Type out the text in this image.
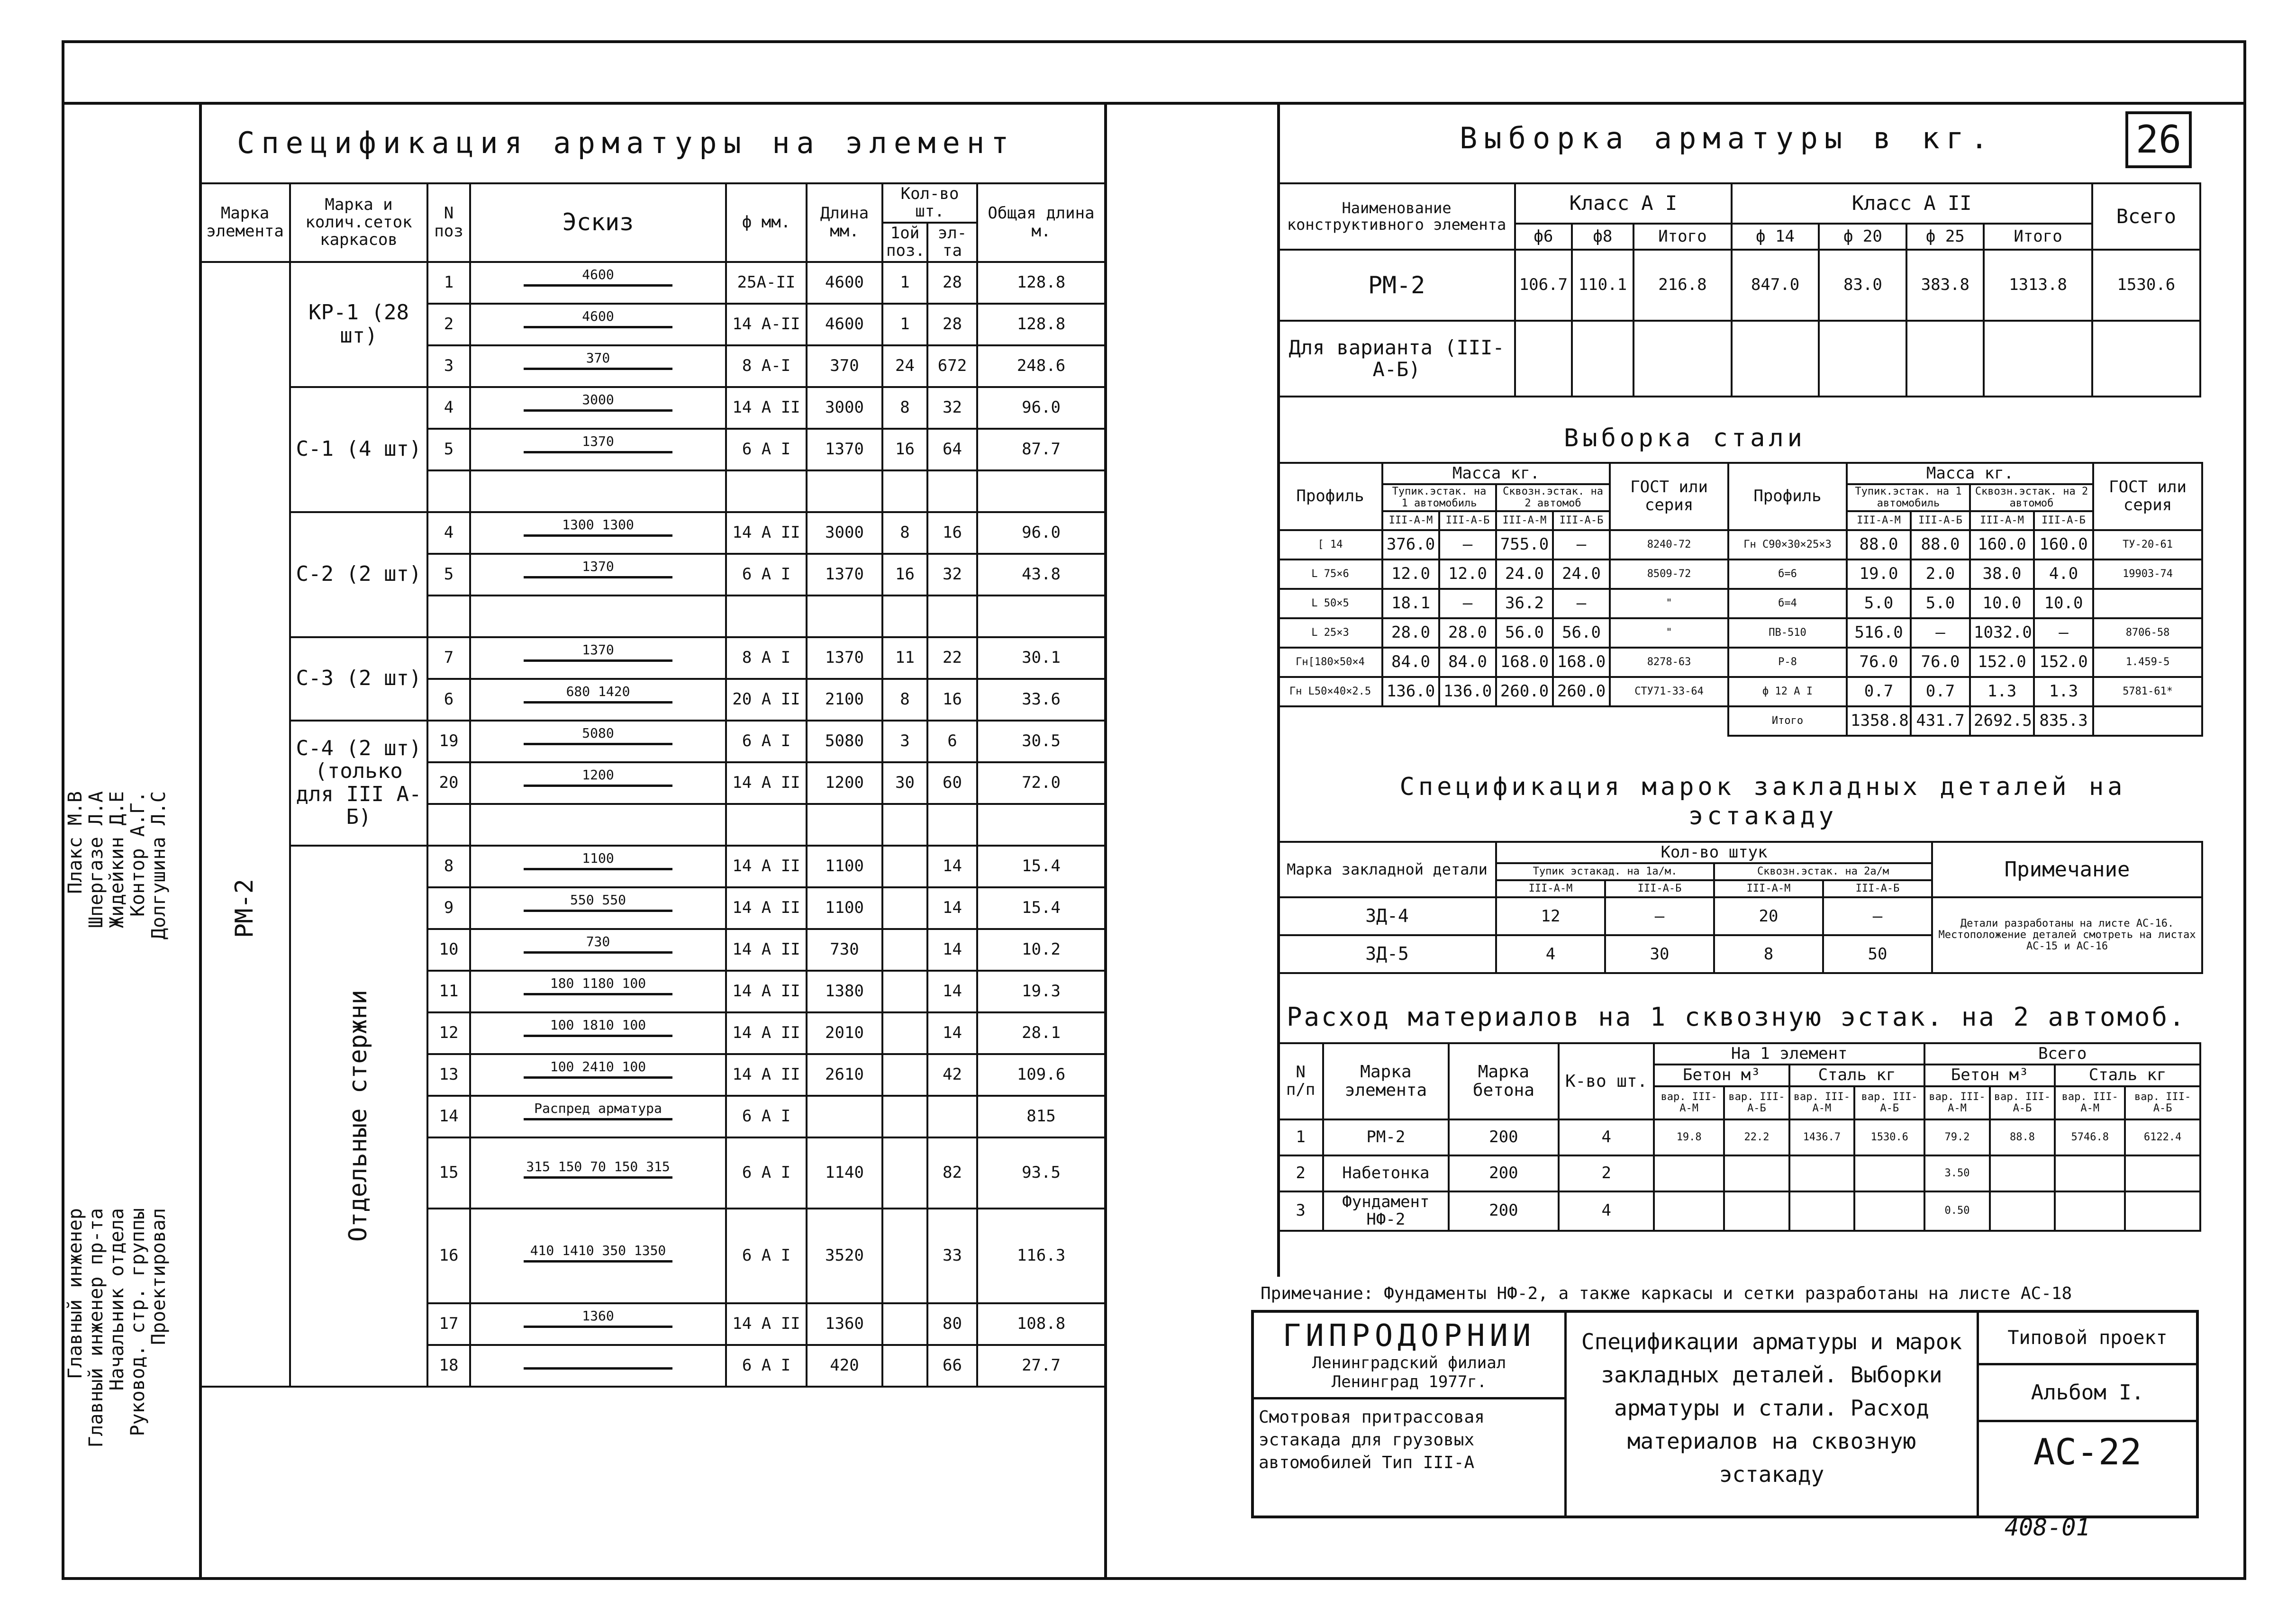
26
Главный инженер
Главный инженер пр-та
Начальник отдела
Руковод. стр. группы
Проектировал
Плакс М.В
Шпергазе Л.А
Жидейкин Д.Е
Контор А.Г.
Долгушина Л.С
Спецификация арматуры на элемент
Марка элемента	Марка и колич.сеток каркасов	N поз	Эскиз	ф мм.	Длина мм.	Кол-во шт.		Общая длина м.
						1ой поз.	эл-та	

РМ-2	КР-1 (28 шт)	1	4600	25А-II	4600	1	28	128.8
		2	4600	14 А-II	4600	1	28	128.8
		3	370	8 А-I	370	24	672	248.6

	С-1 (4 шт)	4	3000	14 А II	3000	8	32	96.0
		5	1370	6 А I	1370	16	64	87.7

	С-2 (2 шт)	4	1300 1300	14 А II	3000	8	16	96.0
		5	1370	6 А I	1370	16	32	43.8

	С-3 (2 шт)	7	1370	8 А I	1370	11	22	30.1
		6	680 1420	20 А II	2100	8	16	33.6

	С-4 (2 шт) (только для III А-Б)	19	5080	6 А I	5080	3	6	30.5
		20	1200	14 А II	1200	30	60	72.0

	Отдельные стержни	8	1100	14 А II	1100		14	15.4
		9	550 550	14 А II	1100		14	15.4
		10	730	14 А II	730		14	10.2
		11	180 1180 100	14 А II	1380		14	19.3
		12	100 1810 100	14 А II	2010		14	28.1
		13	100 2410 100	14 А II	2610		42	109.6
		14	Распред арматура	6 А I				815
		15	315 150 70 150 315	6 А I	1140		82	93.5
		16	410 1410 350 1350	6 А I	3520		33	116.3
		17	1360	14 А II	1360		80	108.8
		18		6 А I	420		66	27.7
Выборка арматуры в кг.
Наименование конструктивного элемента	Класс А I			Класс А II				Всего
	ф6	ф8	Итого	ф 14	ф 20	ф 25	Итого	
РМ-2	106.7	110.1	216.8	847.0	83.0	383.8	1313.8	1530.6
Для варианта (III-А-Б)								
Выборка стали
Профиль	Масса кг.				ГОСТ или серия
	Тупик.эстак. на 1 автомобиль		Сквозн.эстак. на 2 автомоб		
	III-А-М	III-А-Б	III-А-М	III-А-Б	
[ 14	376.0	—	755.0	—	8240-72
L 75×6	12.0	12.0	24.0	24.0	8509-72
L 50×5	18.1	—	36.2	—	"
L 25×3	28.0	28.0	56.0	56.0	"
Гн[180×50×4	84.0	84.0	168.0	168.0	8278-63
Гн L50×40×2.5	136.0	136.0	260.0	260.0	СТУ71-33-64
Профиль	Масса кг.				ГОСТ или серия
	Тупик.эстак. на 1 автомобиль		Сквозн.эстак. на 2 автомоб		
	III-А-М	III-А-Б	III-А-М	III-А-Б	
Гн С90×30×25×3	88.0	88.0	160.0	160.0	ТУ-20-61
б=6	19.0	2.0	38.0	4.0	19903-74
б=4	5.0	5.0	10.0	10.0	
ПВ-510	516.0	—	1032.0	—	8706-58
Р-8	76.0	76.0	152.0	152.0	1.459-5
ф 12 А I	0.7	0.7	1.3	1.3	5781-61*
Итого	1358.8	431.7	2692.5	835.3	
Спецификация марок закладных деталей на эстакаду
Марка закладной детали	Кол-во штук				Примечание
	Тупик эстакад. на 1а/м.		Сквозн.эстак. на 2а/м		
	III-А-М	III-А-Б	III-А-М	III-А-Б	
ЗД-4	12	—	20	—	Детали разработаны на листе АС-16. Местоположение деталей смотреть на листах АС-15 и АС-16
ЗД-5	4	30	8	50	
Расход материалов на 1 сквозную эстак. на 2 автомоб.
N п/п	Марка элемента	Марка бетона	К-во шт.	На 1 элемент				Всего			
				Бетон м³		Сталь кг		Бетон м³		Сталь кг	
				вар. III-А-М	вар. III-А-Б	вар. III-А-М	вар. III-А-Б	вар. III-А-М	вар. III-А-Б	вар. III-А-М	вар. III-А-Б
1	РМ-2	200	4	19.8	22.2	1436.7	1530.6	79.2	88.8	5746.8	6122.4
2	Набетонка	200	2					3.50			
3	Фундамент НФ-2	200	4					0.50			
Примечание: Фундаменты НФ-2, а также каркасы и сетки разработаны на листе АС-18
ГИПРОДОРНИИ
Ленинградский филиал
Ленинград 1977г.
Смотровая притрассовая эстакада для грузовых автомобилей Тип III-А
Спецификации арматуры и марок закладных деталей. Выборки арматуры и стали. Расход материалов на сквозную эстакаду
Типовой проект
Альбом I.
АС-22
408-01
